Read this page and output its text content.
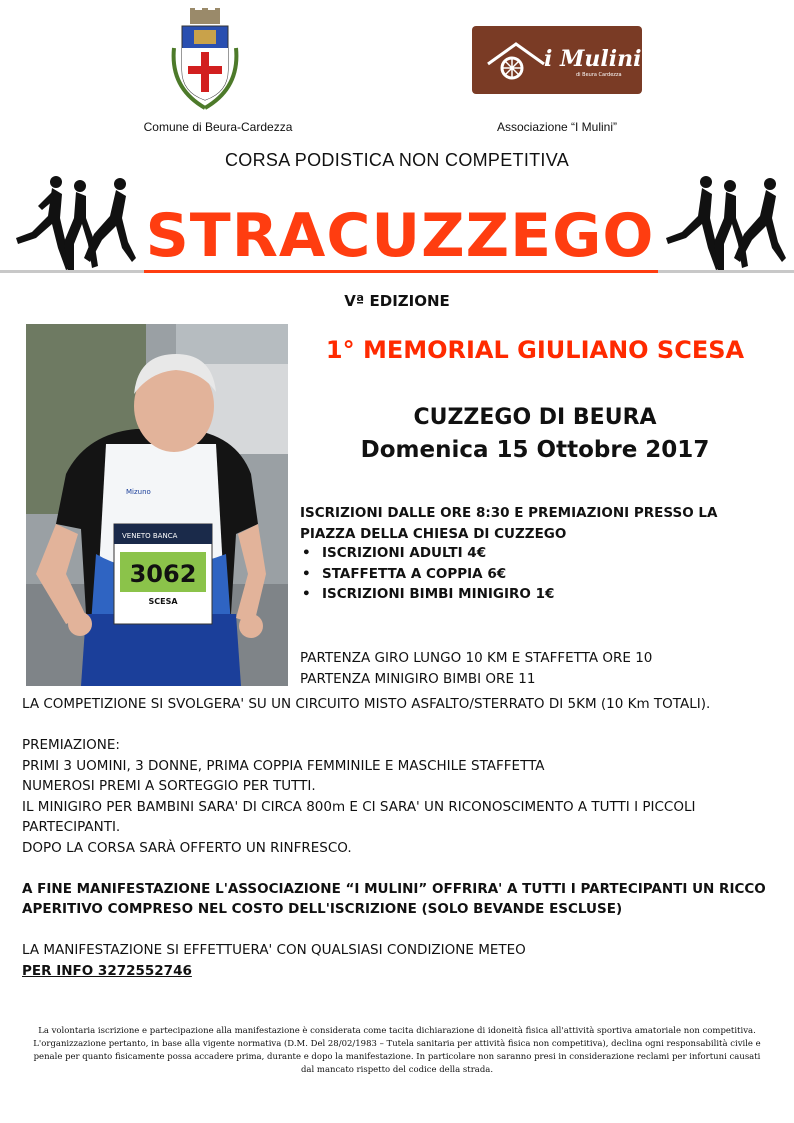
Comune di Beura-Cardezza
i Mulini
di Beura Cardezza
Associazione “I Mulini”
CORSA PODISTICA NON COMPETITIVA
STRACUZZEGO
Vª EDIZIONE
VENETO BANCA
3062
SCESA
Mizuno
1° MEMORIAL GIULIANO SCESA
CUZZEGO DI BEURA
Domenica 15 Ottobre 2017
ISCRIZIONI DALLE ORE 8:30 E PREMIAZIONI PRESSO LA PIAZZA DELLA CHIESA DI CUZZEGO
• ISCRIZIONI ADULTI 4€
• STAFFETTA A COPPIA 6€
• ISCRIZIONI BIMBI MINIGIRO 1€
PARTENZA GIRO LUNGO 10 KM E STAFFETTA ORE 10
PARTENZA MINIGIRO BIMBI ORE 11
LA COMPETIZIONE SI SVOLGERA' SU UN CIRCUITO MISTO ASFALTO/STERRATO DI 5KM (10 Km TOTALI).
PREMIAZIONE:
PRIMI 3 UOMINI, 3 DONNE, PRIMA COPPIA FEMMINILE E MASCHILE STAFFETTA
NUMEROSI PREMI A SORTEGGIO PER TUTTI.
IL MINIGIRO PER BAMBINI SARA' DI CIRCA 800m E CI SARA' UN RICONOSCIMENTO A TUTTI I PICCOLI PARTECIPANTI.
DOPO LA CORSA SARÀ OFFERTO UN RINFRESCO.
A FINE MANIFESTAZIONE L'ASSOCIAZIONE “I MULINI” OFFRIRA' A TUTTI I PARTECIPANTI UN RICCO APERITIVO COMPRESO NEL COSTO DELL'ISCRIZIONE (SOLO BEVANDE ESCLUSE)
LA MANIFESTAZIONE SI EFFETTUERA' CON QUALSIASI CONDIZIONE METEO
PER INFO 3272552746
La volontaria iscrizione e partecipazione alla manifestazione è considerata come tacita dichiarazione di idoneità fisica all'attività sportiva amatoriale non competitiva.
L'organizzazione pertanto, in base alla vigente normativa (D.M. Del 28/02/1983 – Tutela sanitaria per attività fisica non competitiva), declina ogni responsabilità civile e penale per quanto fisicamente possa accadere prima, durante e dopo la manifestazione. In particolare non saranno presi in considerazione reclami per infortuni causati dal mancato rispetto del codice della strada.
